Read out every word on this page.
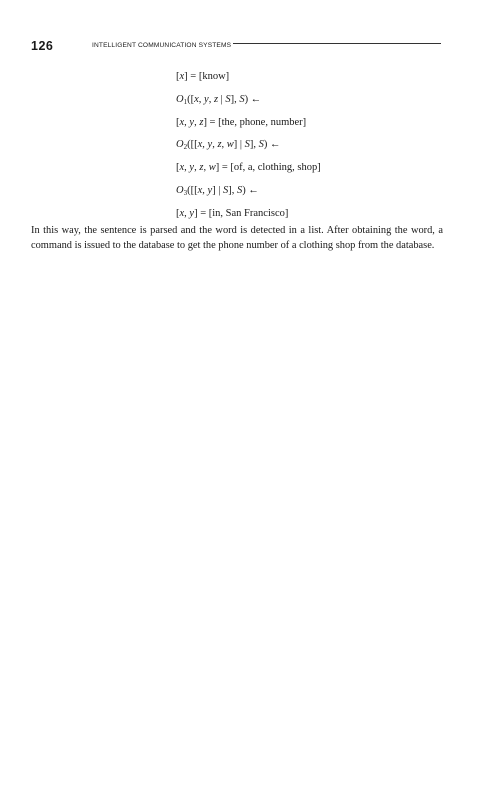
126	INTELLIGENT COMMUNICATION SYSTEMS
[x] = [know]
$O_1([x$, y, z | S], S) ←
[x, y, z] = [the, phone, number]
$O_2([[x$, y, z, w] | S], S) ←
[x, y, z, w] = [of, a, clothing, shop]
$O_3([[x$, y] | S], S) ←
[x, y] = [in, San Francisco]

In this way, the sentence is parsed and the word is detected in a list. After obtaining the word, a command is issued to the database to get the phone number of a clothing shop from the database.
